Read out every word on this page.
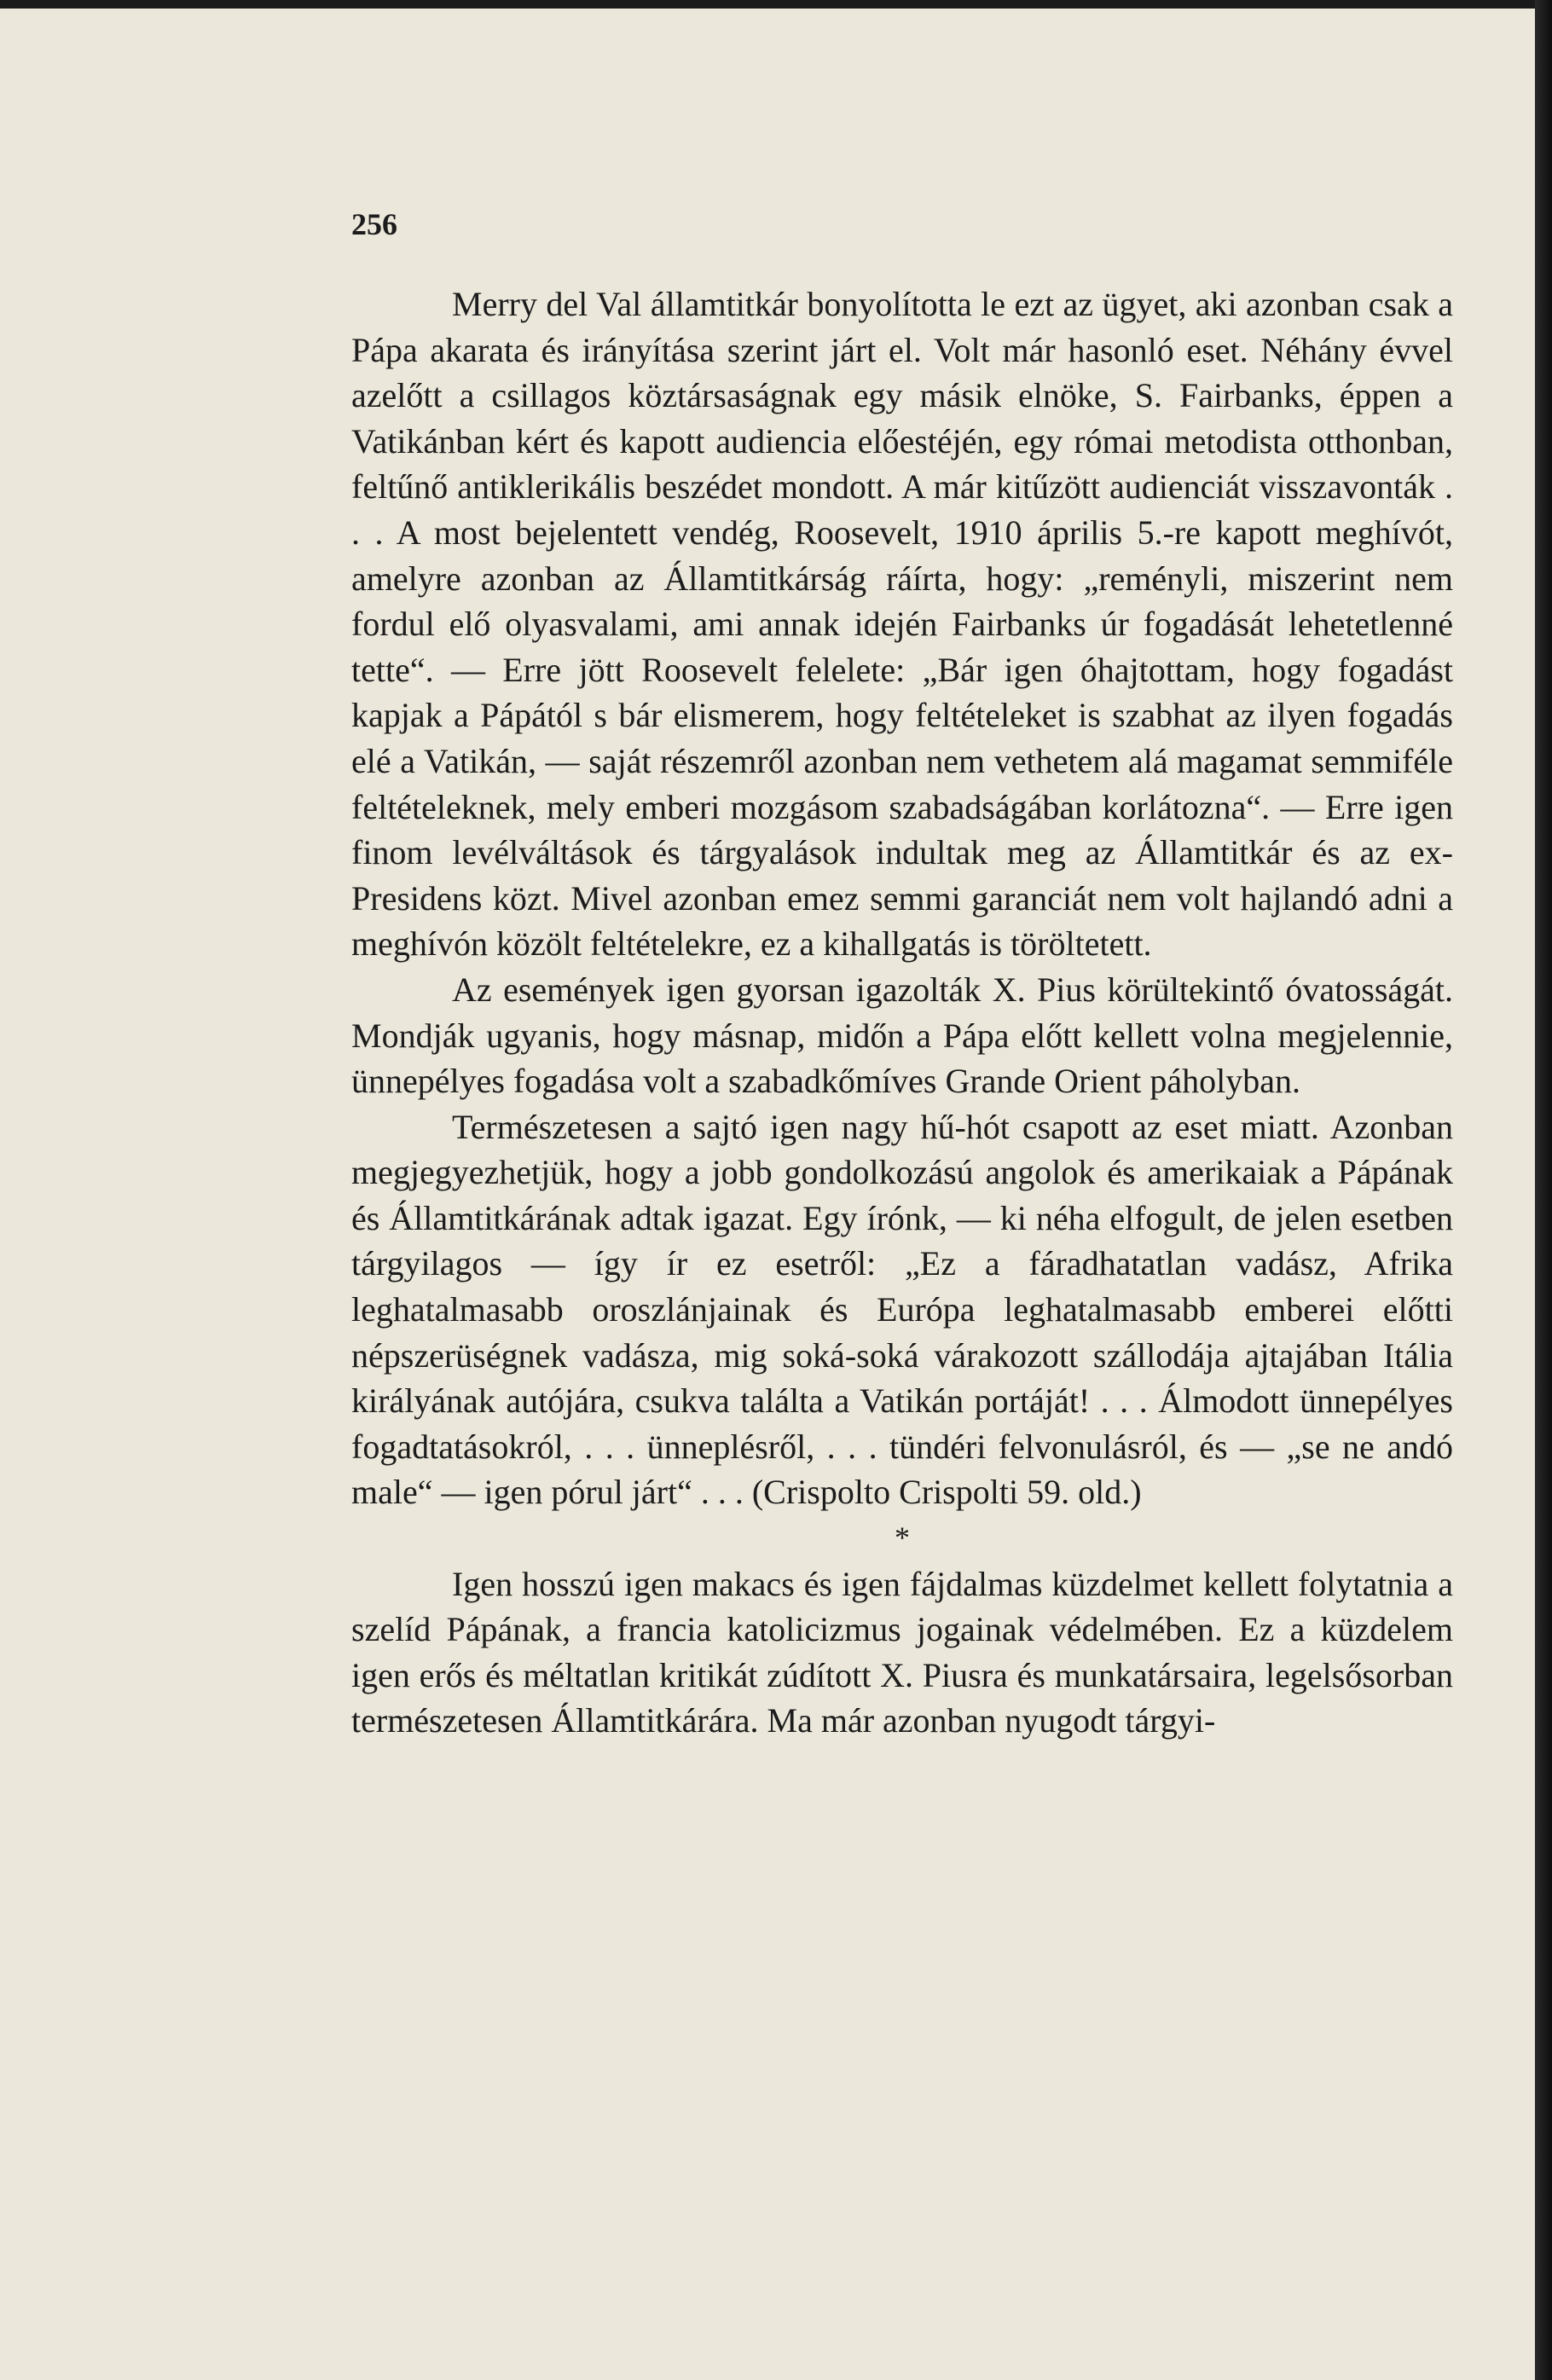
256

Merry del Val államtitkár bonyolította le ezt az ügyet, aki azonban csak a Pápa akarata és irányítása szerint járt el. Volt már hasonló eset. Néhány évvel azelőtt a csillagos köztársaságnak egy másik elnöke, S. Fairbanks, éppen a Vatikánban kért és kapott audiencia előestéjén, egy római metodista otthonban, feltűnő antiklerikális beszédet mondott. A már kitűzött audienciát visszavonták . . . A most bejelentett vendég, Roosevelt, 1910 április 5.-re kapott meghívót, amelyre azonban az Államtitkárság ráírta, hogy: „reményli, miszerint nem fordul elő olyasvalami, ami annak idején Fairbanks úr fogadását lehetetlenné tette“. — Erre jött Roosevelt felelete: „Bár igen óhajtottam, hogy fogadást kapjak a Pápától s bár elismerem, hogy feltételeket is szabhat az ilyen fogadás elé a Vatikán, — saját részemről azonban nem vethetem alá magamat semmiféle feltételeknek, mely emberi mozgásom szabadságában korlátozna“. — Erre igen finom levélváltások és tárgyalások indultak meg az Államtitkár és az ex-Presidens közt. Mivel azonban emez semmi garanciát nem volt hajlandó adni a meghívón közölt feltételekre, ez a kihallgatás is töröltetett.

Az események igen gyorsan igazolták X. Pius körültekintő óvatosságát. Mondják ugyanis, hogy másnap, midőn a Pápa előtt kellett volna megjelennie, ünnepélyes fogadása volt a szabadkőmíves Grande Orient páholyban.

Természetesen a sajtó igen nagy hű-hót csapott az eset miatt. Azonban megjegyezhetjük, hogy a jobb gondolkozású angolok és amerikaiak a Pápának és Államtitkárának adtak igazat. Egy írónk, — ki néha elfogult, de jelen esetben tárgyilagos — így ír ez esetről: „Ez a fáradhatatlan vadász, Afrika leghatalmasabb oroszlánjainak és Európa leghatalmasabb emberei előtti népszerüségnek vadásza, mig soká-soká várakozott szállodája ajtajában Itália királyának autójára, csukva találta a Vatikán portáját! . . . Álmodott ünnepélyes fogadtatásokról, . . . ünneplésről, . . . tündéri felvonulásról, és — „se ne andó male“ — igen pórul járt“ . . . (Crispolto Crispolti 59. old.)

*

Igen hosszú igen makacs és igen fájdalmas küzdelmet kellett folytatnia a szelíd Pápának, a francia katolicizmus jogainak védelmében. Ez a küzdelem igen erős és méltatlan kritikát zúdított X. Piusra és munkatársaira, legelsősorban természetesen Államtitkárára. Ma már azonban nyugodt tárgyi-
